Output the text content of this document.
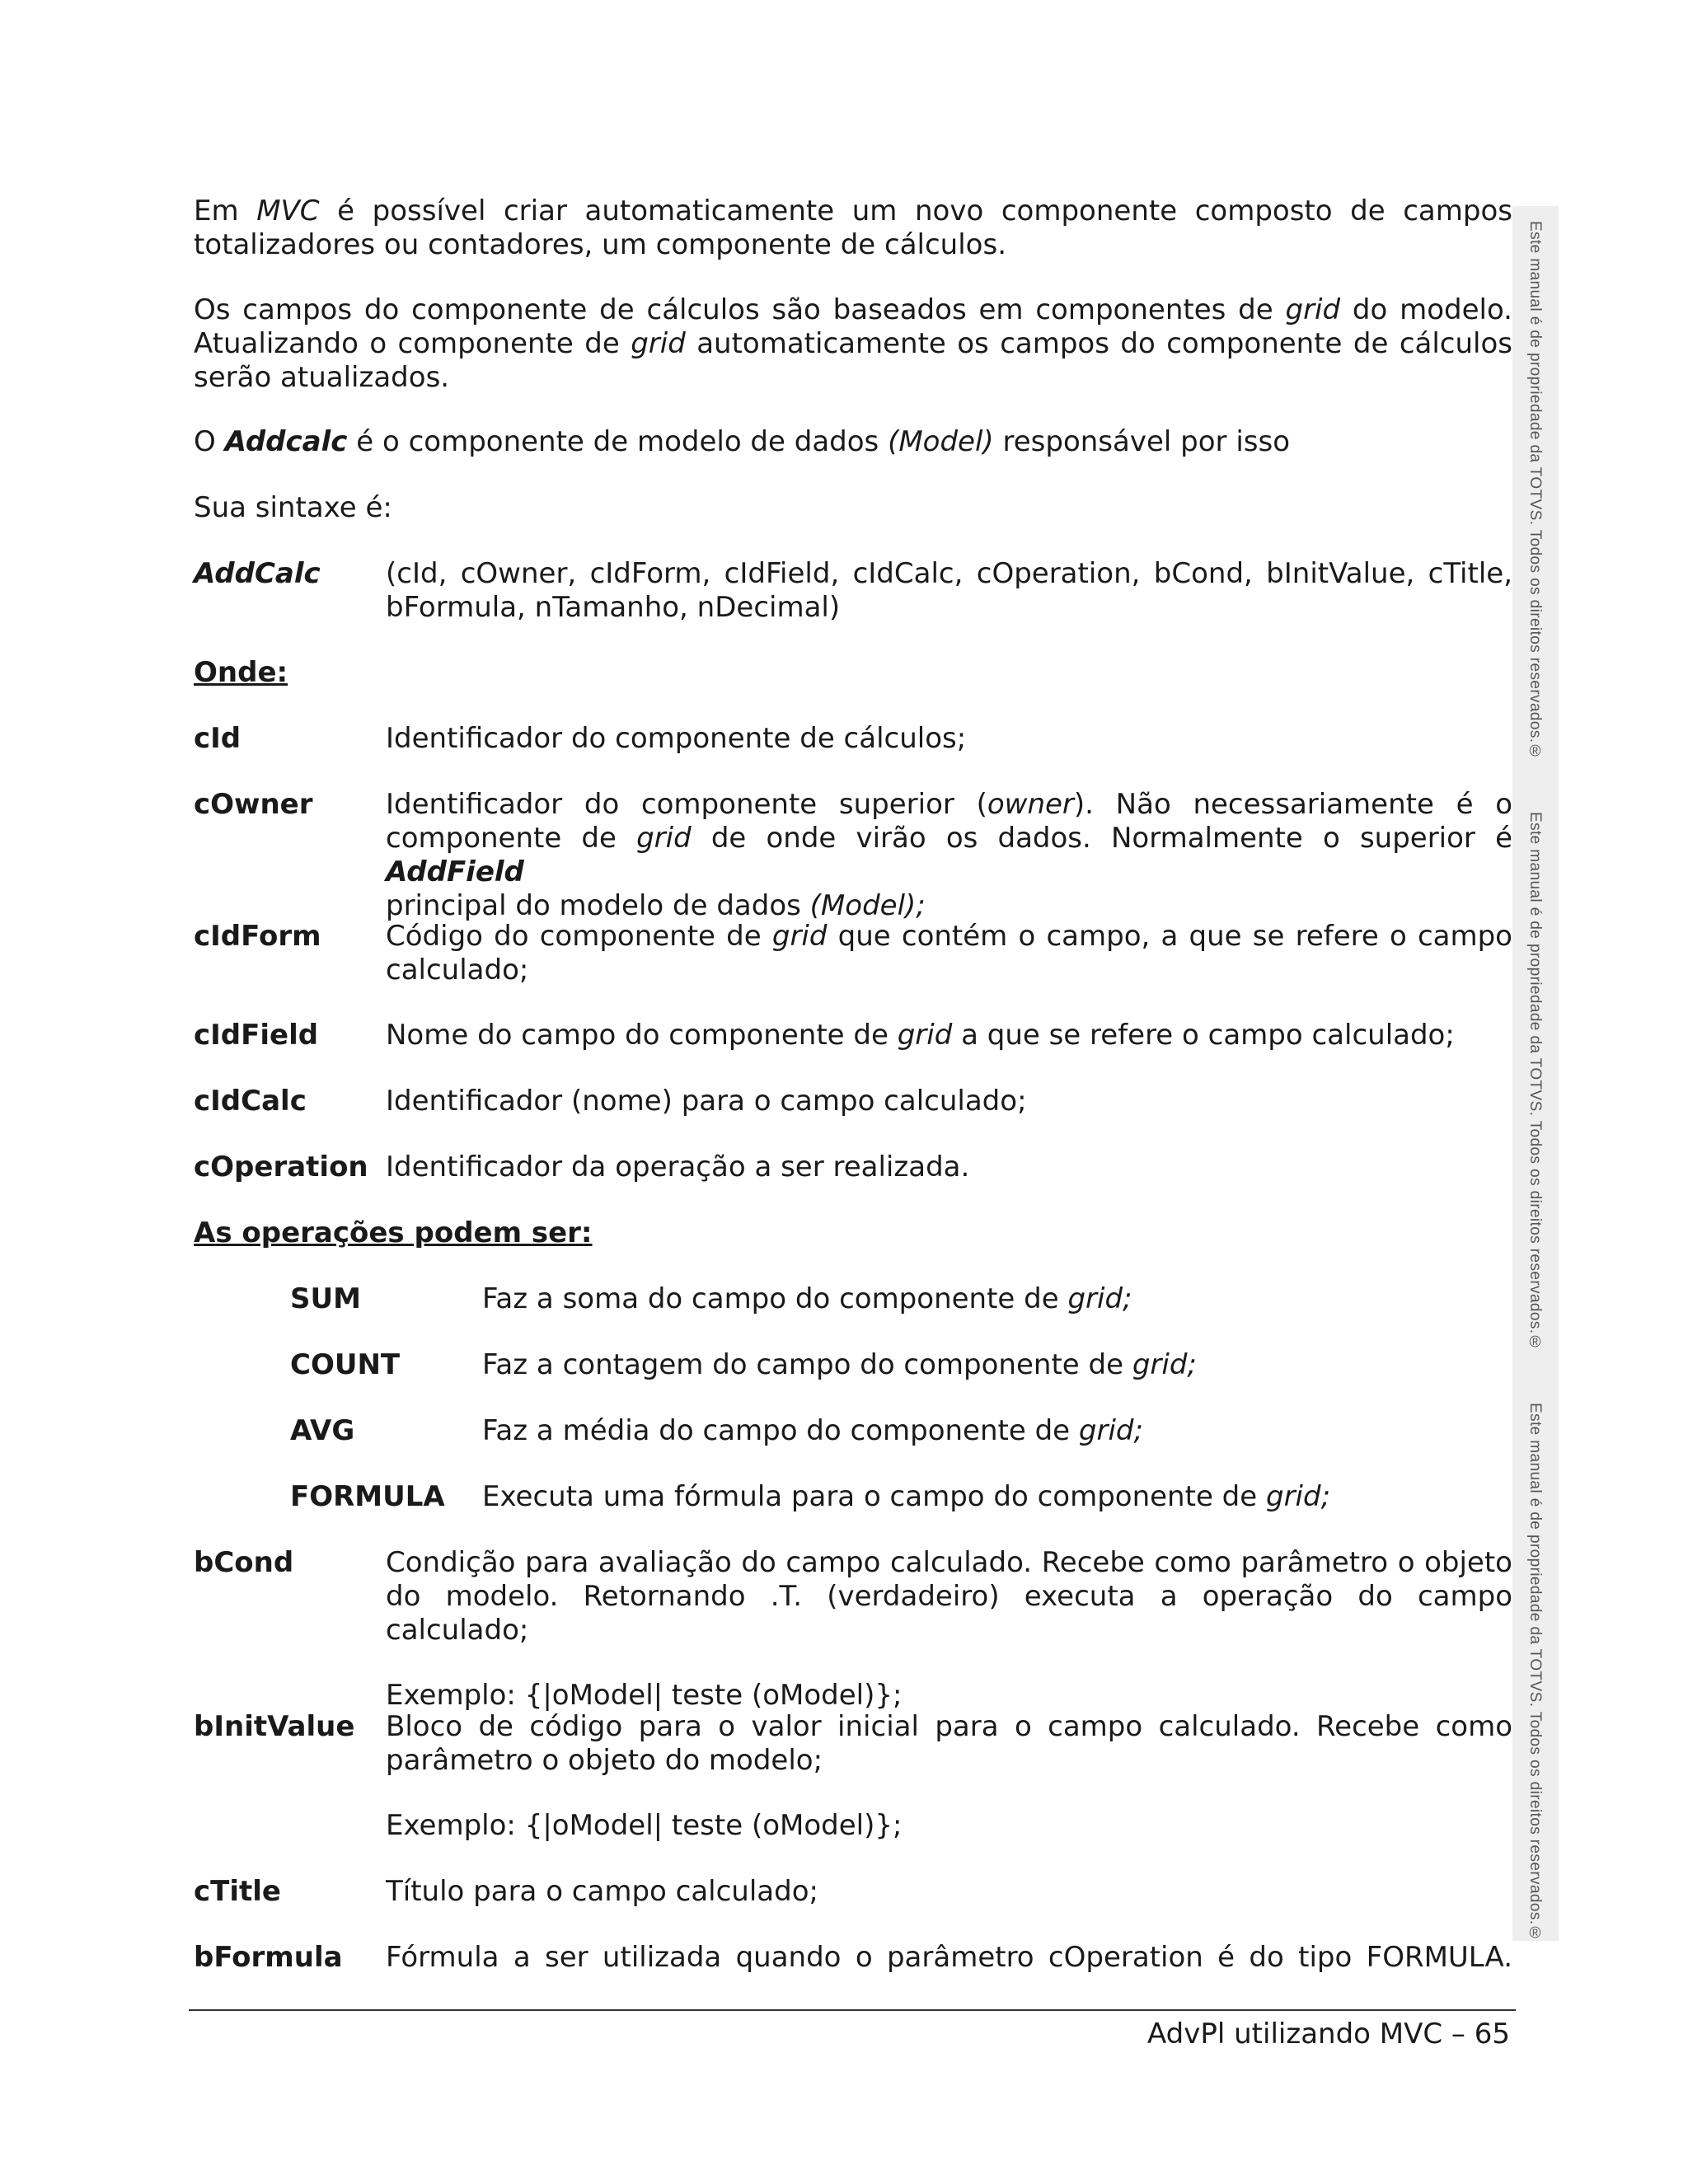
Em MVC é possível criar automaticamente um novo componente composto de campos

totalizadores ou contadores, um componente de cálculos.

Os campos do componente de cálculos são baseados em componentes de grid do modelo.

Atualizando o componente de grid automaticamente os campos do componente de cálculos

serão atualizados.

O Addcalc é o componente de modelo de dados (Model) responsável por isso

Sua sintaxe é:

AddCalc (cId, cOwner, cIdForm, cIdField, cIdCalc, cOperation, bCond, bInitValue, cTitle,
bFormula, nTamanho, nDecimal)
Onde:
cId	Identificador do componente de cálculos;
cOwner	Identificador do componente superior (owner). Não necessariamente é o
componente de grid de onde virão os dados. Normalmente o superior é AddField
principal do modelo de dados (Model);
cIdForm Código do componente de grid que contém o campo, a que se refere o campo
calculado;
cIdField Nome do campo do componente de grid a que se refere o campo calculado;
cIdCalc	Identificador (nome) para o campo calculado;
cOperation Identificador da operação a ser realizada.
As operações podem ser:
SUM	Faz a soma do campo do componente de grid;
COUNT	Faz a contagem do campo do componente de grid;
AVG	Faz a média do campo do componente de grid;
FORMULA Executa uma fórmula para o campo do componente de grid;
bCond	Condição para avaliação do campo calculado. Recebe como parâmetro o objeto
do modelo. Retornando .T. (verdadeiro) executa a operação do campo calculado;
Exemplo: {|oModel| teste (oModel)};
bInitValue Bloco de código para o valor inicial para o campo calculado. Recebe como
parâmetro o objeto do modelo;
Exemplo: {|oModel| teste (oModel)};
cTitle	Título para o campo calculado;
bFormula Fórmula a ser utilizada quando o parâmetro cOperation é do tipo FORMULA.
Este manual é de propriedade da TOTVS. Todos os direitos reservados.®
Este manual é de propriedade da TOTVS. Todos os direitos reservados.®
Este manual é de propriedade da TOTVS. Todos os direitos reservados.®
AdvPl utilizando MVC – 65
